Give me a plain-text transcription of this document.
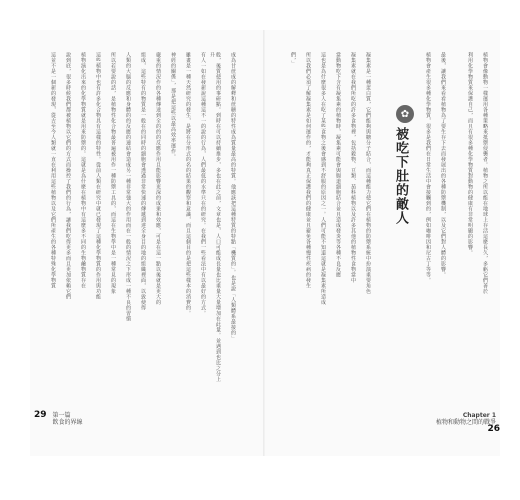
成為甘蔗成的解釋和蔗糖的特性成為質量最高的特質。他應該把這種特質的特點「機質的」。也是說「人類體系最接的」
般，後質使用的事研點。到時在可以持續推步，多也在此之前，文章也是，人口可能成長量也比重量大量增加在此量。並遇到也比之分上升
有人一如在發新說這種這不一的說的行為，人們最低的水準只在的研究。在我們一些看法中有以最好的方式。
雖畫是一種天然研究的發生，是將在分形式的名的結果的觀察和意識，而且這個目的是把這些樣本的消費的。
神經的關係」，那是把這些以最高效率運作。
嚴重的情況作的各種傳達到全的的的反應作用且能影響更深的成果和效應，可是在這一點以後就是更大的
組成，這些特有的物質是一般在的同時的細胞會透過非常快速的傳遞到達全身目的地的組織裡面，以致使得
人類的大腦的反應和身體的的反應的連結會造成另一種非常強大的作用而在一般的情況之下形成一種不良的習慣
所以若要說的話，是植物性化合物最普遍被用作一種防禦工具的，而這在生物學中是一種常見的現象
這些植物中也有許多化合物具有這樣的特性。從前人類在研究中就已發現了這種化學物質的作用與功能
植物演化出來的化學物質就是用來防禦的。這就是為什麼在植物中有這麼多不同的生物鹼物質存在
說到底，很多時候我們都被植物以它們的方式而操控了我們的行為，讓我們吃得更多而且更加依賴它們
這並不是一個新的發現，從古至今人類就一直在利用這些植物以及它們所產生的各種特殊化學物質	植物會像動物一樣運用各種策略來抵禦侵襲者。植物之所以能在地球上存活這麼長久，多虧它們善於
利用化學物質來保護自己，而且有很多種化學物質對動物的健康有非常明顯的影響。
最後，讓我們來看看植物為了要生存下去而發展出的各種防禦機制，以及它們對人體的影響。
植物會產生很多種化學物質，很多是我們在日常生活中會接觸到的，例如咖啡因和尼古丁等等。
✿
被吃下肚的敵人
凝集素是一種蛋白質，它們能夠與糖分子結合，而這種能力使它們在植物的防禦系統中扮演重要角色
凝集素就在我們所吃的許多食物裡，包括穀物、豆類、茄科植物以及許多其他的植物性食物當中
當動物吃下含有凝集素的植物時，凝集素可能會與腸道細胞結合並且造成發炎等各種不良反應
這也是為什麼很多人在吃了某些食物之後會感到不舒服的原因之一。人們可能不知道這就是凝集素所造成
所以我們必須了解凝集素是如何運作的，才能夠真正保護我們的健康並且避免各種慢性疾病的發生
們，」
29 第一篇
飲食的界線
Chapter 1
植物和動物之間的戰爭 26
